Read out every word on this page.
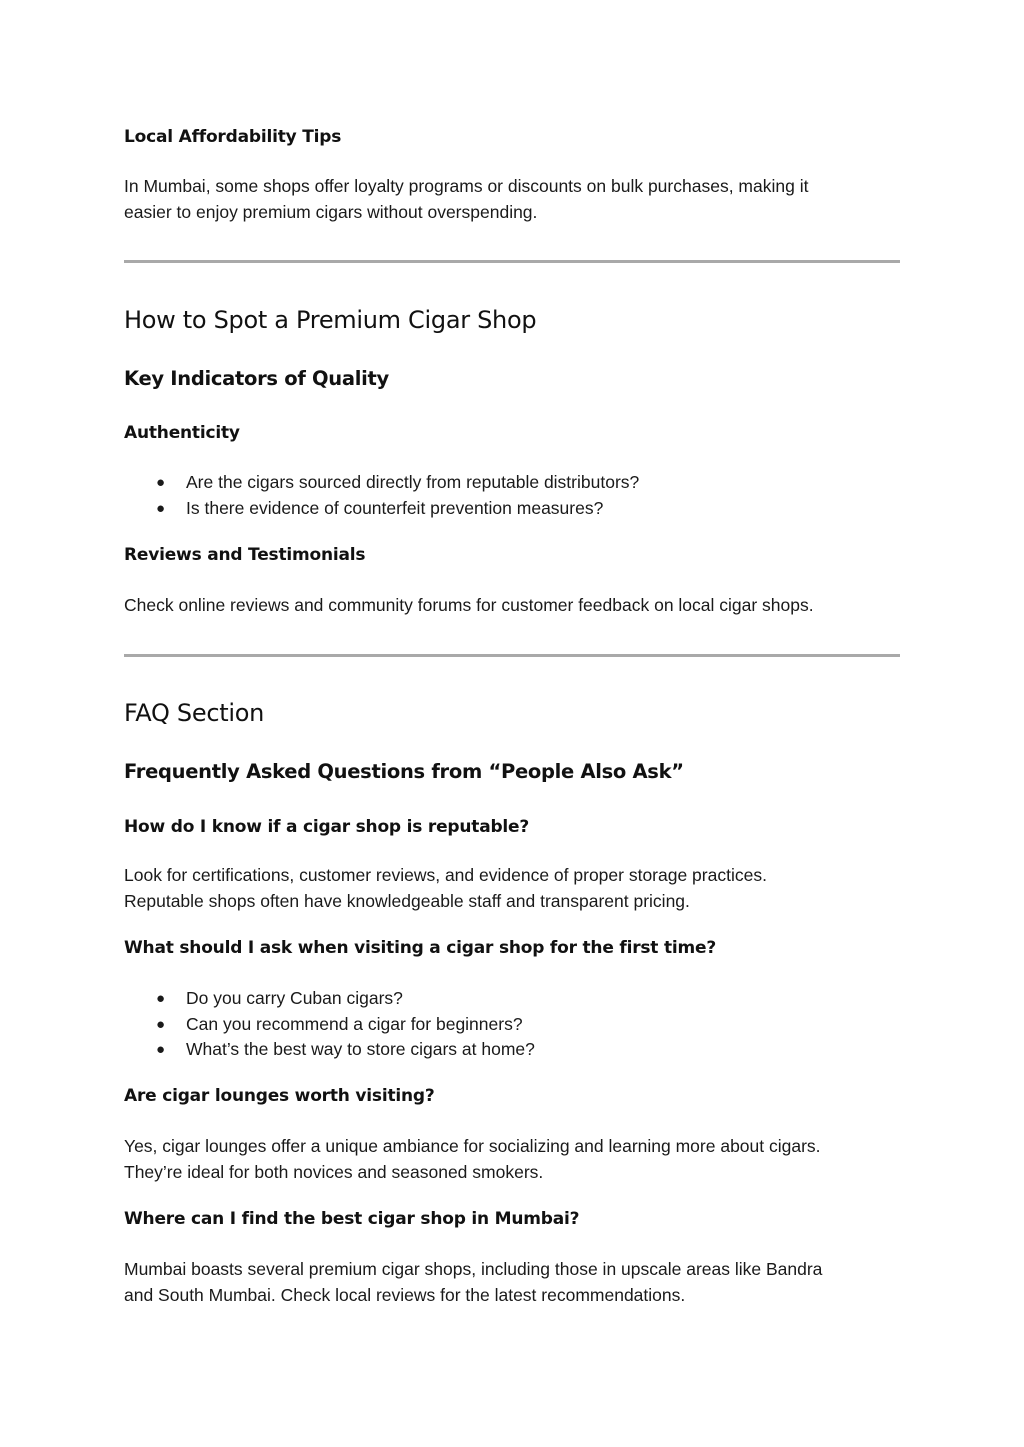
Local Affordability Tips
In Mumbai, some shops offer loyalty programs or discounts on bulk purchases, making it
easier to enjoy premium cigars without overspending.
How to Spot a Premium Cigar Shop
Key Indicators of Quality
Authenticity
● Are the cigars sourced directly from reputable distributors?
● Is there evidence of counterfeit prevention measures?
Reviews and Testimonials
Check online reviews and community forums for customer feedback on local cigar shops.
FAQ Section
Frequently Asked Questions from “People Also Ask”
How do I know if a cigar shop is reputable?
Look for certifications, customer reviews, and evidence of proper storage practices.
Reputable shops often have knowledgeable staff and transparent pricing.
What should I ask when visiting a cigar shop for the first time?
● Do you carry Cuban cigars?
● Can you recommend a cigar for beginners?
● What’s the best way to store cigars at home?
Are cigar lounges worth visiting?
Yes, cigar lounges offer a unique ambiance for socializing and learning more about cigars.
They’re ideal for both novices and seasoned smokers.
Where can I find the best cigar shop in Mumbai?
Mumbai boasts several premium cigar shops, including those in upscale areas like Bandra
and South Mumbai. Check local reviews for the latest recommendations.
